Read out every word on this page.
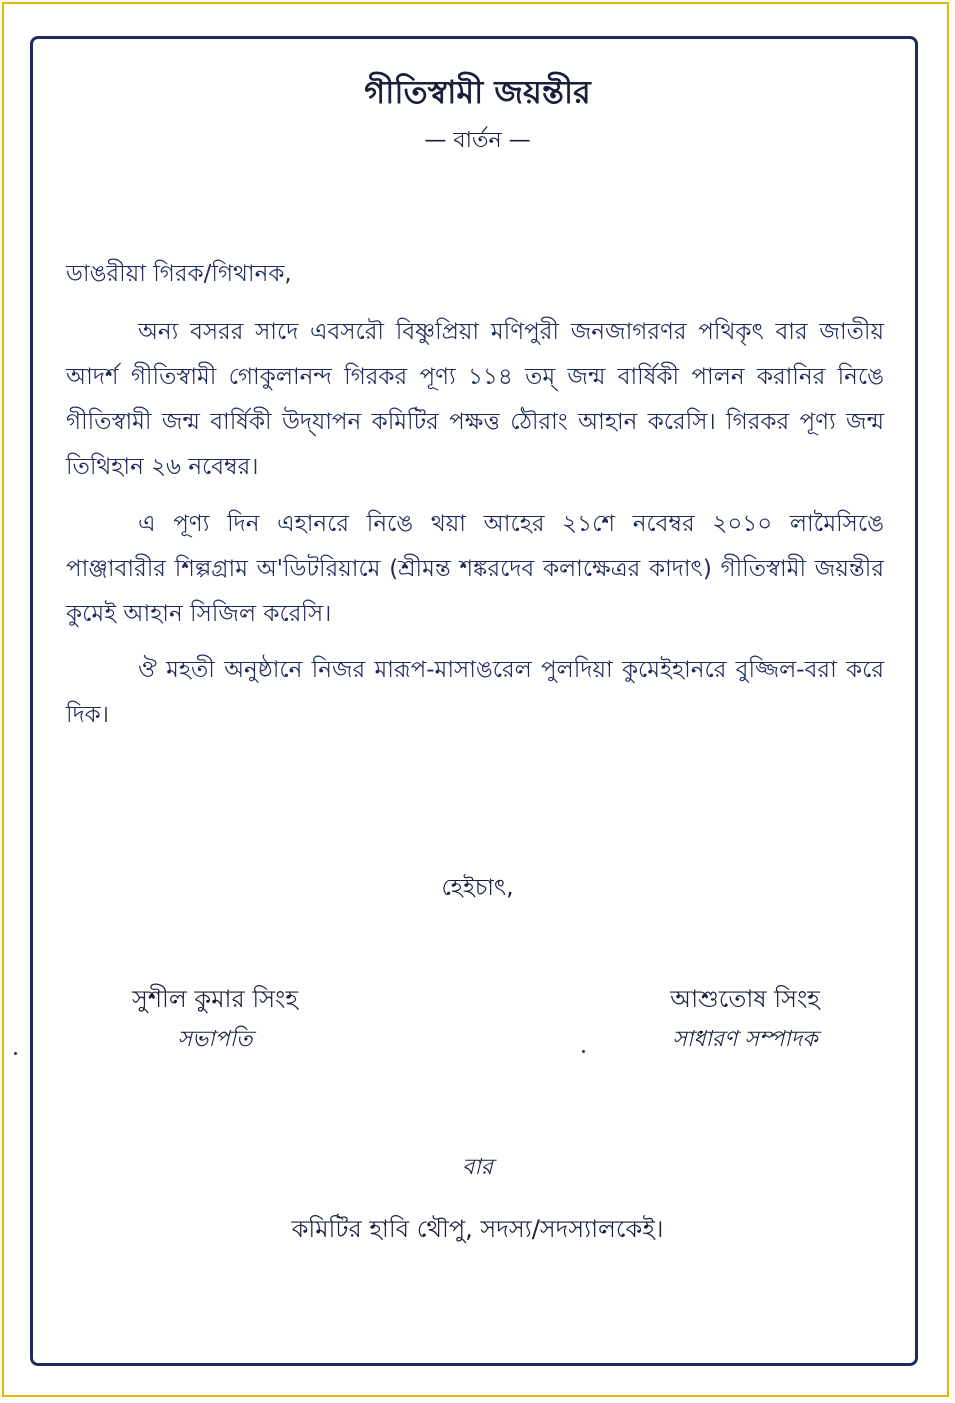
গীতিস্বামী জয়ন্তীর
— বার্তন —
ডাঙরীয়া গিরক/গিথানক,

অন্য বসরর সাদে এবসরৌ বিষ্ণুপ্রিয়া মণিপুরী জনজাগরণর পথিকৃৎ বার জাতীয় আদর্শ গীতিস্বামী গোকুলানন্দ গিরকর পূণ্য ১১৪ তম্ জন্ম বার্ষিকী পালন করানির নিঙে গীতিস্বামী জন্ম বার্ষিকী উদ্‌যাপন কমিটির পক্ষত্ত ঠৌরাং আহান করেসি। গিরকর পূণ্য জন্ম তিথিহান ২৬ নবেম্বর।

এ পূণ্য দিন এহানরে নিঙে থয়া আহের ২১শে নবেম্বর ২০১০ লামৈসিঙে পাঞ্জাবারীর শিল্পগ্রাম অ'ডিটরিয়ামে (শ্রীমন্ত শঙ্করদেব কলাক্ষেত্রর কাদাৎ) গীতিস্বামী জয়ন্তীর কুমেই আহান সিজিল করেসি।

ঔ মহতী অনুষ্ঠানে নিজর মারূপ-মাসাঙরেল পুলদিয়া কুমেইহানরে বুজ্জিল-বরা করে দিক।

হেইচাৎ,
সুশীল কুমার সিংহ
সভাপতি
আশুতোষ সিংহ
সাধারণ সম্পাদক
বার
কমিটির হাবি থৌপু, সদস্য/সদস্যালকেই।
